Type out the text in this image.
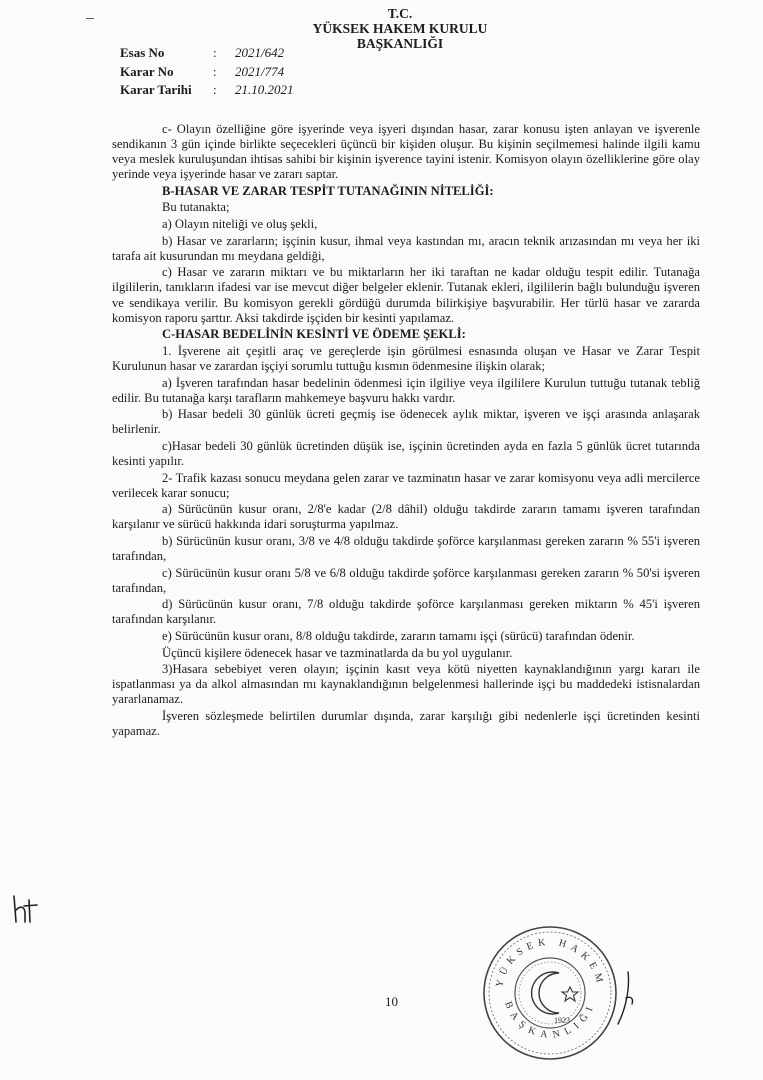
T.C.
YÜKSEK HAKEM KURULU
BAŞKANLIĞI
Esas No	:	2021/642
Karar No	:	2021/774
Karar Tarihi	:	21.10.2021

c- Olayın özelliğine göre işyerinde veya işyeri dışından hasar, zarar konusu işten anlayan ve işverenle sendikanın 3 gün içinde birlikte seçecekleri üçüncü bir kişiden oluşur. Bu kişinin seçilmemesi halinde ilgili kamu veya meslek kuruluşundan ihtisas sahibi bir kişinin işverence tayini istenir. Komisyon olayın özelliklerine göre olay yerinde veya işyerinde hasar ve zararı saptar.

B-HASAR VE ZARAR TESPİT TUTANAĞININ NİTELİĞİ:

Bu tutanakta;

a) Olayın niteliği ve oluş şekli,

b) Hasar ve zararların; işçinin kusur, ihmal veya kastından mı, aracın teknik arızasından mı veya her iki tarafa ait kusurundan mı meydana geldiği,

c) Hasar ve zararın miktarı ve bu miktarların her iki taraftan ne kadar olduğu tespit edilir. Tutanağa ilgililerin, tanıkların ifadesi var ise mevcut diğer belgeler eklenir. Tutanak ekleri, ilgililerin bağlı bulunduğu işveren ve sendikaya verilir. Bu komisyon gerekli gördüğü durumda bilirkişiye başvurabilir. Her türlü hasar ve zararda komisyon raporu şarttır. Aksi takdirde işçiden bir kesinti yapılamaz.

C-HASAR BEDELİNİN KESİNTİ VE ÖDEME ŞEKLİ:

1. İşverene ait çeşitli araç ve gereçlerde işin görülmesi esnasında oluşan ve Hasar ve Zarar Tespit Kurulunun hasar ve zarardan işçiyi sorumlu tuttuğu kısmın ödenmesine ilişkin olarak;

a) İşveren tarafından hasar bedelinin ödenmesi için ilgiliye veya ilgililere Kurulun tuttuğu tutanak tebliğ edilir. Bu tutanağa karşı tarafların mahkemeye başvuru hakkı vardır.

b) Hasar bedeli 30 günlük ücreti geçmiş ise ödenecek aylık miktar, işveren ve işçi arasında anlaşarak belirlenir.

c)Hasar bedeli 30 günlük ücretinden düşük ise, işçinin ücretinden ayda en fazla 5 günlük ücret tutarında kesinti yapılır.

2- Trafik kazası sonucu meydana gelen zarar ve tazminatın hasar ve zarar komisyonu veya adli mercilerce verilecek karar sonucu;

a) Sürücünün kusur oranı, 2/8'e kadar (2/8 dâhil) olduğu takdirde zararın tamamı işveren tarafından karşılanır ve sürücü hakkında idari soruşturma yapılmaz.

b) Sürücünün kusur oranı, 3/8 ve 4/8 olduğu takdirde şoförce karşılanması gereken zararın % 55'i işveren tarafından,

c) Sürücünün kusur oranı 5/8 ve 6/8 olduğu takdirde şoförce karşılanması gereken zararın % 50'si işveren tarafından,

d) Sürücünün kusur oranı, 7/8 olduğu takdirde şoförce karşılanması gereken miktarın % 45'i işveren tarafından karşılanır.

e) Sürücünün kusur oranı, 8/8 olduğu takdirde, zararın tamamı işçi (sürücü) tarafından ödenir.

Üçüncü kişilere ödenecek hasar ve tazminatlarda da bu yol uygulanır.

3)Hasara sebebiyet veren olayın; işçinin kasıt veya kötü niyetten kaynaklandığının yargı kararı ile ispatlanması ya da alkol almasından mı kaynaklandığının belgelenmesi hallerinde işçi bu maddedeki istisnalardan yararlanamaz.

İşveren sözleşmede belirtilen durumlar dışında, zarar karşılığı gibi nedenlerle işçi ücretinden kesinti yapamaz.

10
YÜKSEK HAKEM
BAŞKANLIĞI
1923
